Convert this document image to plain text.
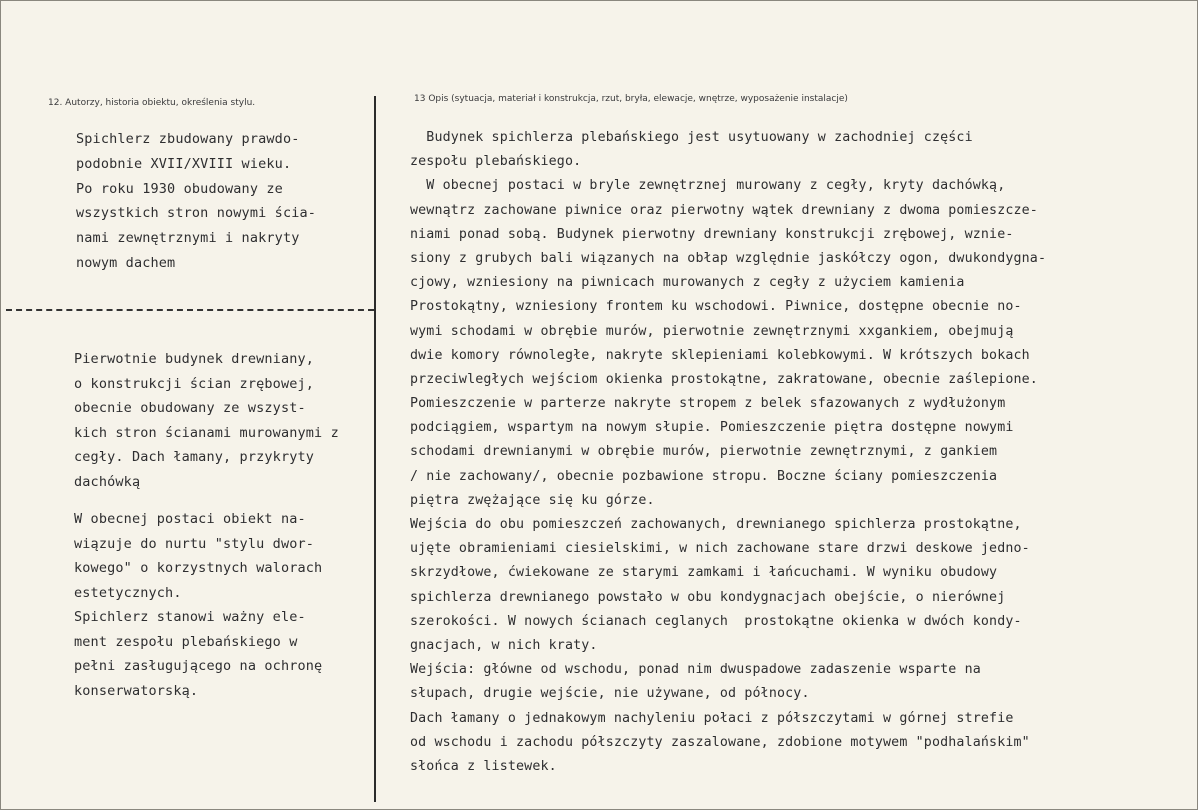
12. Autorzy, historia obiektu, określenia stylu.	13 Opis (sytuacja, materiał i konstrukcja, rzut, bryła, elewacje, wnętrze, wyposażenie instalacje)
Spichlerz zbudowany prawdo-
podobnie XVII/XVIII wieku.
Po roku 1930 obudowany ze
wszystkich stron nowymi ścia-
nami zewnętrznymi i nakryty
nowym dachem
Pierwotnie budynek drewniany,
o konstrukcji ścian zrębowej,
obecnie obudowany ze wszyst-
kich stron ścianami murowanymi z
cegły. Dach łamany, przykryty
dachówką
W obecnej postaci obiekt na-
wiązuje do nurtu "stylu dwor-
kowego" o korzystnych walorach
estetycznych.
Spichlerz stanowi ważny ele-
ment zespołu plebańskiego w
pełni zasługującego na ochronę
konserwatorską.
Budynek spichlerza plebańskiego jest usytuowany w zachodniej części
zespołu plebańskiego.
W obecnej postaci w bryle zewnętrznej murowany z cegły, kryty dachówką,
wewnątrz zachowane piwnice oraz pierwotny wątek drewniany z dwoma pomieszcze-
niami ponad sobą. Budynek pierwotny drewniany konstrukcji zrębowej, wznie-
siony z grubych bali wiązanych na obłap względnie jaskółczy ogon, dwukondygna-
cjowy, wzniesiony na piwnicach murowanych z cegły z użyciem kamienia
Prostokątny, wzniesiony frontem ku wschodowi. Piwnice, dostępne obecnie no-
wymi schodami w obrębie murów, pierwotnie zewnętrznymi xxgankiem, obejmują
dwie komory równoległe, nakryte sklepieniami kolebkowymi. W krótszych bokach
przeciwległych wejściom okienka prostokątne, zakratowane, obecnie zaślepione.
Pomieszczenie w parterze nakryte stropem z belek sfazowanych z wydłużonym
podciągiem, wspartym na nowym słupie. Pomieszczenie piętra dostępne nowymi
schodami drewnianymi w obrębie murów, pierwotnie zewnętrznymi, z gankiem
/ nie zachowany/, obecnie pozbawione stropu. Boczne ściany pomieszczenia
piętra zwężające się ku górze.
Wejścia do obu pomieszczeń zachowanych, drewnianego spichlerza prostokątne,
ujęte obramieniami ciesielskimi, w nich zachowane stare drzwi deskowe jedno-
skrzydłowe, ćwiekowane ze starymi zamkami i łańcuchami. W wyniku obudowy
spichlerza drewnianego powstało w obu kondygnacjach obejście, o nierównej
szerokości. W nowych ścianach ceglanych  prostokątne okienka w dwóch kondy-
gnacjach, w nich kraty.
Wejścia: główne od wschodu, ponad nim dwuspadowe zadaszenie wsparte na
słupach, drugie wejście, nie używane, od północy.
Dach łamany o jednakowym nachyleniu połaci z półszczytami w górnej strefie
od wschodu i zachodu półszczyty zaszalowane, zdobione motywem "podhalańskim"
słońca z listewek.
